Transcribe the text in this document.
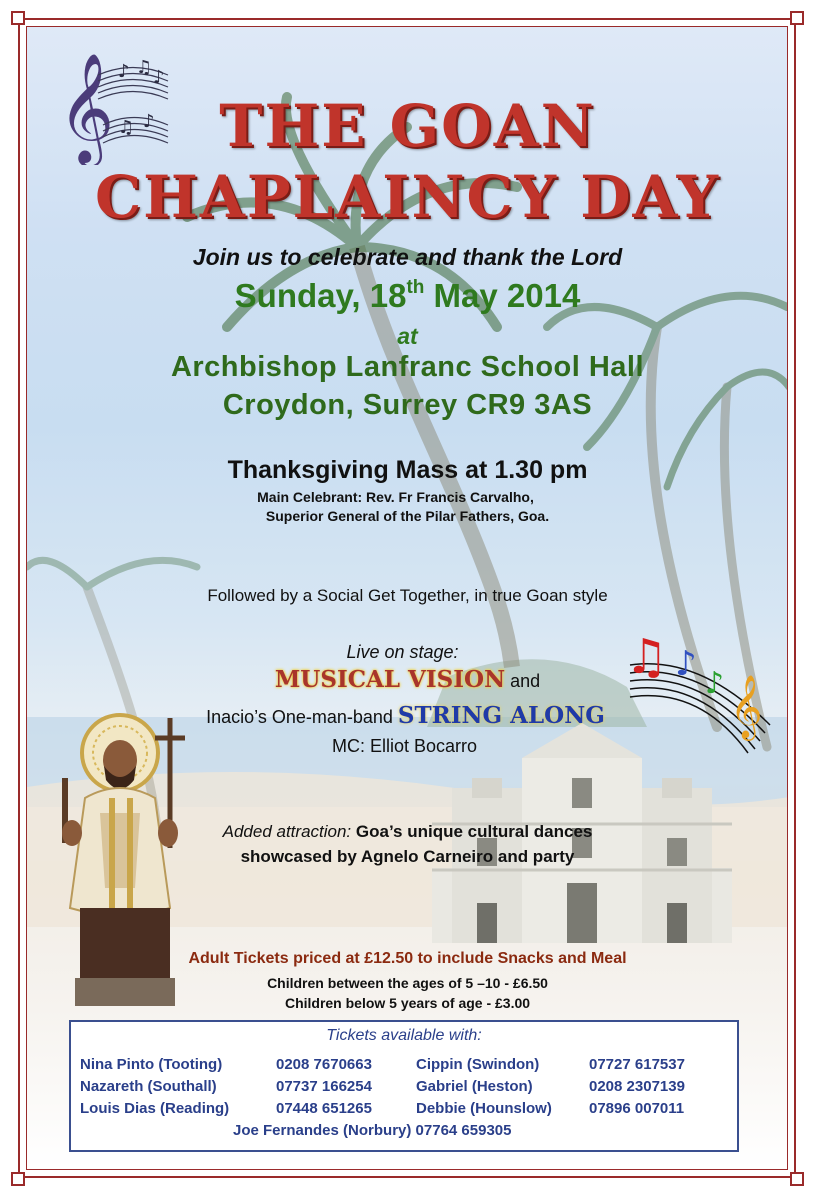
𝄞 ♪ ♫ ♪
♫ ♪
♫ ♪ ♪ 𝄞
THE GOAN
CHAPLAINCY DAY
Join us to celebrate and thank the Lord
Sunday, 18th May 2014
at
Archbishop Lanfranc School Hall
Croydon, Surrey CR9 3AS
Thanksgiving Mass at 1.30 pm
Main Celebrant: Rev. Fr Francis Carvalho,
Superior General of the Pilar Fathers, Goa.
Followed by a Social Get Together, in true Goan style
Live on stage:
MUSICAL VISION and
Inacio’s One-man-band STRING ALONG
MC: Elliot Bocarro
Added attraction: Goa’s unique cultural dances
showcased by Agnelo Carneiro and party
Adult Tickets priced at £12.50 to include Snacks and Meal
Children between the ages of 5 –10 - £6.50
Children below 5 years of age - £3.00
Tickets available with:
Nina Pinto (Tooting)	0208 7670663	Cippin (Swindon)	07727 617537
Nazareth (Southall)	07737 166254	Gabriel (Heston)	0208 2307139
Louis Dias (Reading)	07448 651265	Debbie (Hounslow) 07896 007011
Joe Fernandes (Norbury) 07764 659305
